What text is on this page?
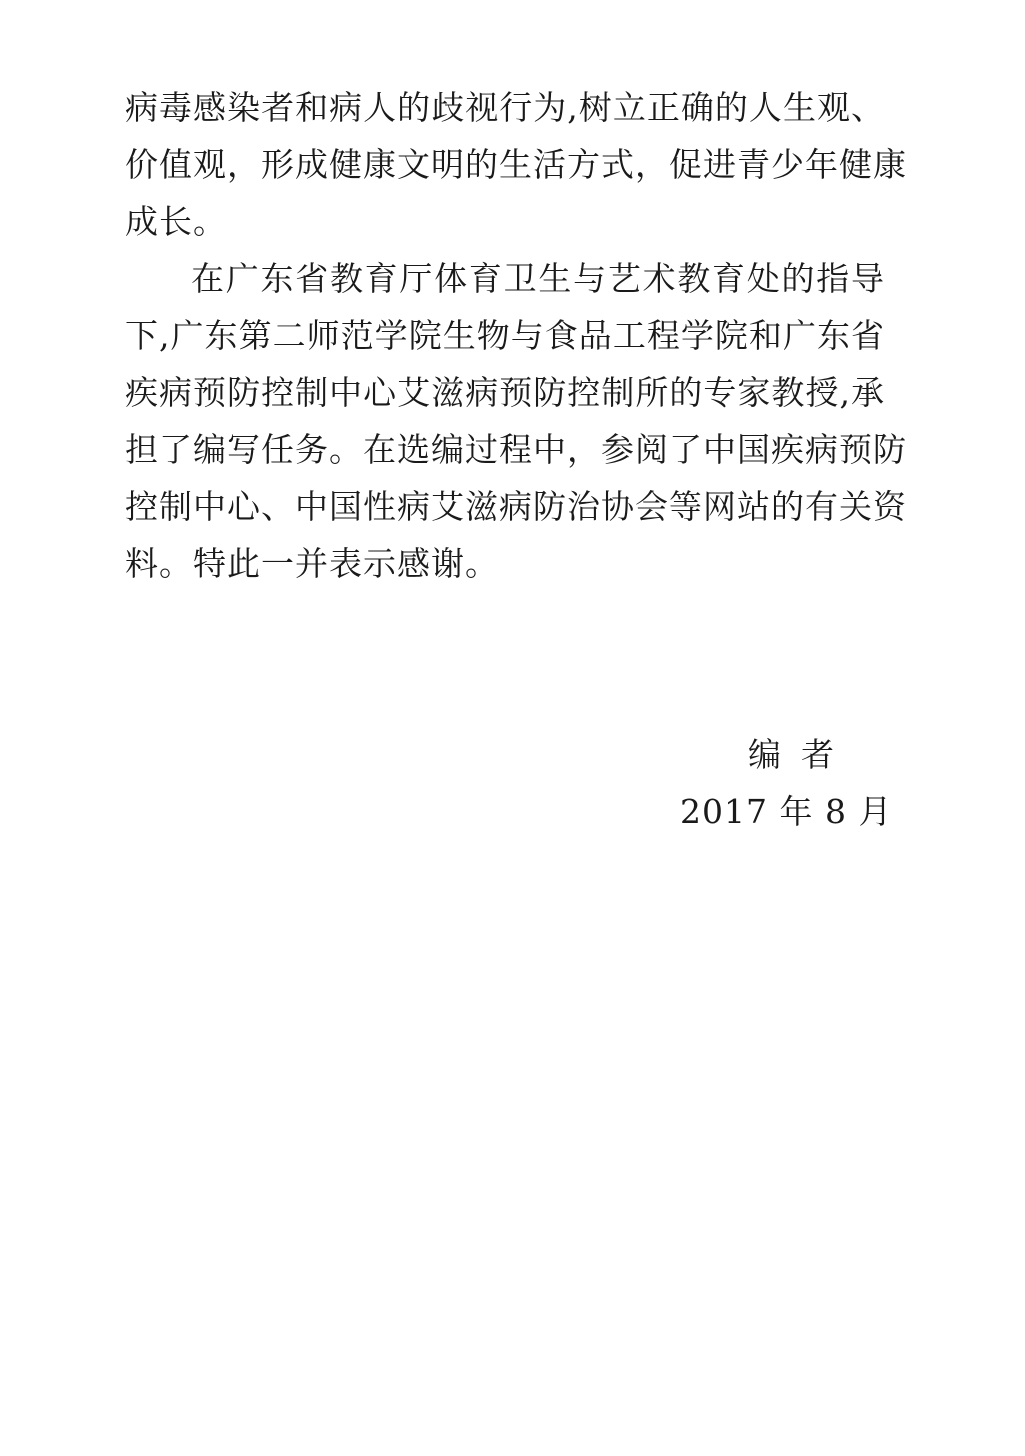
病毒感染者和病人的歧视行为,树立正确的人生观、
价值观，形成健康文明的生活方式，促进青少年健康
成长。
在广东省教育厅体育卫生与艺术教育处的指导
下,广东第二师范学院生物与食品工程学院和广东省
疾病预防控制中心艾滋病预防控制所的专家教授,承
担了编写任务。在选编过程中，参阅了中国疾病预防
控制中心、中国性病艾滋病防治协会等网站的有关资
料。特此一并表示感谢。
编者
2017 年 8 月
